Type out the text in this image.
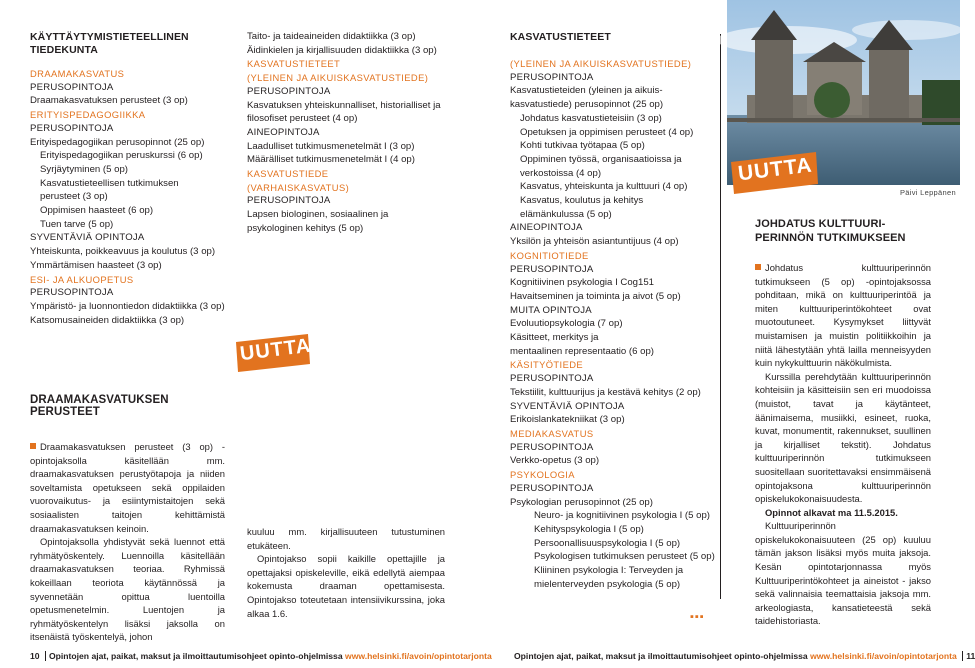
KÄYTTÄYTYMISTIETEELLINEN
TIEDEKUNTA
DRAAMAKASVATUS
PERUSOPINTOJA
Draamakasvatuksen perusteet (3 op)
ERITYISPEDAGOGIIKKA
PERUSOPINTOJA
Erityispedagogiikan perusopinnot (25 op)
Erityispedagogiikan peruskurssi (6 op)
Syrjäytyminen (5 op)
Kasvatustieteellisen tutkimuksen
perusteet (3 op)
Oppimisen haasteet (6 op)
Tuen tarve (5 op)
SYVENTÄVIÄ OPINTOJA
Yhteiskunta, poikkeavuus ja koulutus (3 op)
Ymmärtämisen haasteet (3 op)
ESI- JA ALKUOPETUS
PERUSOPINTOJA
Ympäristö- ja luonnontiedon didaktiikka (3 op)
Katsomusaineiden didaktiikka (3 op)
UUTTA
DRAAMAKASVATUKSEN PERUSTEET

Draamakasvatuksen perusteet (3 op) -opintojaksolla käsitellään mm. draamakasvatuksen perustyötapoja ja niiden soveltamista opetukseen sekä oppilaiden vuorovaikutus- ja esiintymistaitojen sekä sosiaalisten taitojen kehittämistä draamakasvatuksen keinoin.

Opintojaksolla yhdistyvät sekä luennot että ryhmätyöskentely. Luennoilla käsitellään draamakasvatuksen teoriaa. Ryhmissä kokeillaan teoriota käytännössä ja syvennetään opittua luentoilla opetusmenetelmin. Luentojen ja ryhmätyöskentelyn lisäksi jaksolla on itsenäistä työskentelyä, johon

Taito- ja taideaineiden didaktiikka (3 op)
Äidinkielen ja kirjallisuuden didaktiikka (3 op)
KASVATUSTIETEET
(YLEINEN JA AIKUISKASVATUSTIEDE)
PERUSOPINTOJA
Kasvatuksen yhteiskunnalliset, historialliset ja
filosofiset perusteet (4 op)
AINEOPINTOJA
Laadulliset tutkimusmenetelmät I (3 op)
Määrälliset tutkimusmenetelmät I (4 op)
KASVATUSTIEDE
(VARHAISKASVATUS)
PERUSOPINTOJA
Lapsen biologinen, sosiaalinen ja
psykologinen kehitys (5 op)

kuuluu mm. kirjallisuuteen tutustuminen etukäteen.

Opintojakso sopii kaikille opettajille ja opettajaksi opiskeleville, eikä edellytä aiempaa kokemusta draaman opettamisesta. Opintojakso toteutetaan intensiivikurssina, joka alkaa 1.6.

KASVATUSTIETEET
(YLEINEN JA AIKUISKASVATUSTIEDE)
PERUSOPINTOJA
Kasvatustieteiden (yleinen ja aikuis-
kasvatustiede) perusopinnot (25 op)
Johdatus kasvatustieteisiin (3 op)
Opetuksen ja oppimisen perusteet (4 op)
Kohti tutkivaa työtapaa (5 op)
Oppiminen työssä, organisaatioissa ja
verkostoissa (4 op)
Kasvatus, yhteiskunta ja kulttuuri (4 op)
Kasvatus, koulutus ja kehitys
elämänkulussa (5 op)
AINEOPINTOJA
Yksilön ja yhteisön asiantuntijuus (4 op)
KOGNITIOTIEDE
PERUSOPINTOJA
Kognitiivinen psykologia I Cog151
Havaitseminen ja toiminta ja aivot (5 op)
MUITA OPINTOJA
Evoluutiopsykologia (7 op)
Käsitteet, merkitys ja
mentaalinen representaatio (6 op)
KÄSITYÖTIEDE
PERUSOPINTOJA
Tekstiilit, kulttuurijus ja kestävä kehitys (2 op)
SYVENTÄVIÄ OPINTOJA
Erikoislankatekniikat (3 op)
MEDIAKASVATUS
PERUSOPINTOJA
Verkko-opetus (3 op)
PSYKOLOGIA
PERUSOPINTOJA
Psykologian perusopinnot (25 op)
Neuro- ja kognitiivinen psykologia I (5 op)
Kehityspsykologia I (5 op)
Persoonallisuuspsykologia I (5 op)
Psykologisen tutkimuksen perusteet (5 op)
Kliininen psykologia I: Terveyden ja
mielenterveyden psykologia (5 op)
▪▪▪
UUTTA
Päivi Leppänen
JOHDATUS KULTTUURI-
PERINNÖN TUTKIMUKSEEN

Johdatus kulttuuriperinnön tutkimukseen (5 op) -opintojaksossa pohditaan, mikä on kulttuuriperintöä ja miten kulttuuriperintökohteet ovat muotoutuneet. Kysymykset liittyvät muistamisen ja muistin politiikkoihin ja niitä lähestytään yhtä lailla menneisyyden kuin nykykulttuurin näkökulmista.

Kurssilla perehdytään kulttuuriperinnön kohteisiin ja käsitteisiin sen eri muodoissa (muistot, tavat ja käytänteet, äänimaisema, musiikki, esineet, ruoka, kuvat, monumentit, rakennukset, suullinen ja kirjalliset tekstit). Johdatus kulttuuriperinnön tutkimukseen suositellaan suoritettavaksi ensimmäisenä opintojaksona kulttuuriperinnön opiskelukokonaisuudesta.

Opinnot alkavat ma 11.5.2015.

Kulttuuriperinnön opiskelukokonaisuuteen (25 op) kuuluu tämän jakson lisäksi myös muita jaksoja. Kesän opintotarjonnassa myös Kulttuuriperintökohteet ja aineistot - jakso sekä valinnaisia teemattaisia jaksoja mm. arkeologiasta, kansatieteestä sekä taidehistoriasta.

10 Opintojen ajat, paikat, maksut ja ilmoittautumisohjeet opinto-ohjelmissa www.helsinki.fi/avoin/opintotarjonta	Opintojen ajat, paikat, maksut ja ilmoittautumisohjeet opinto-ohjelmissa www.helsinki.fi/avoin/opintotarjonta 11
